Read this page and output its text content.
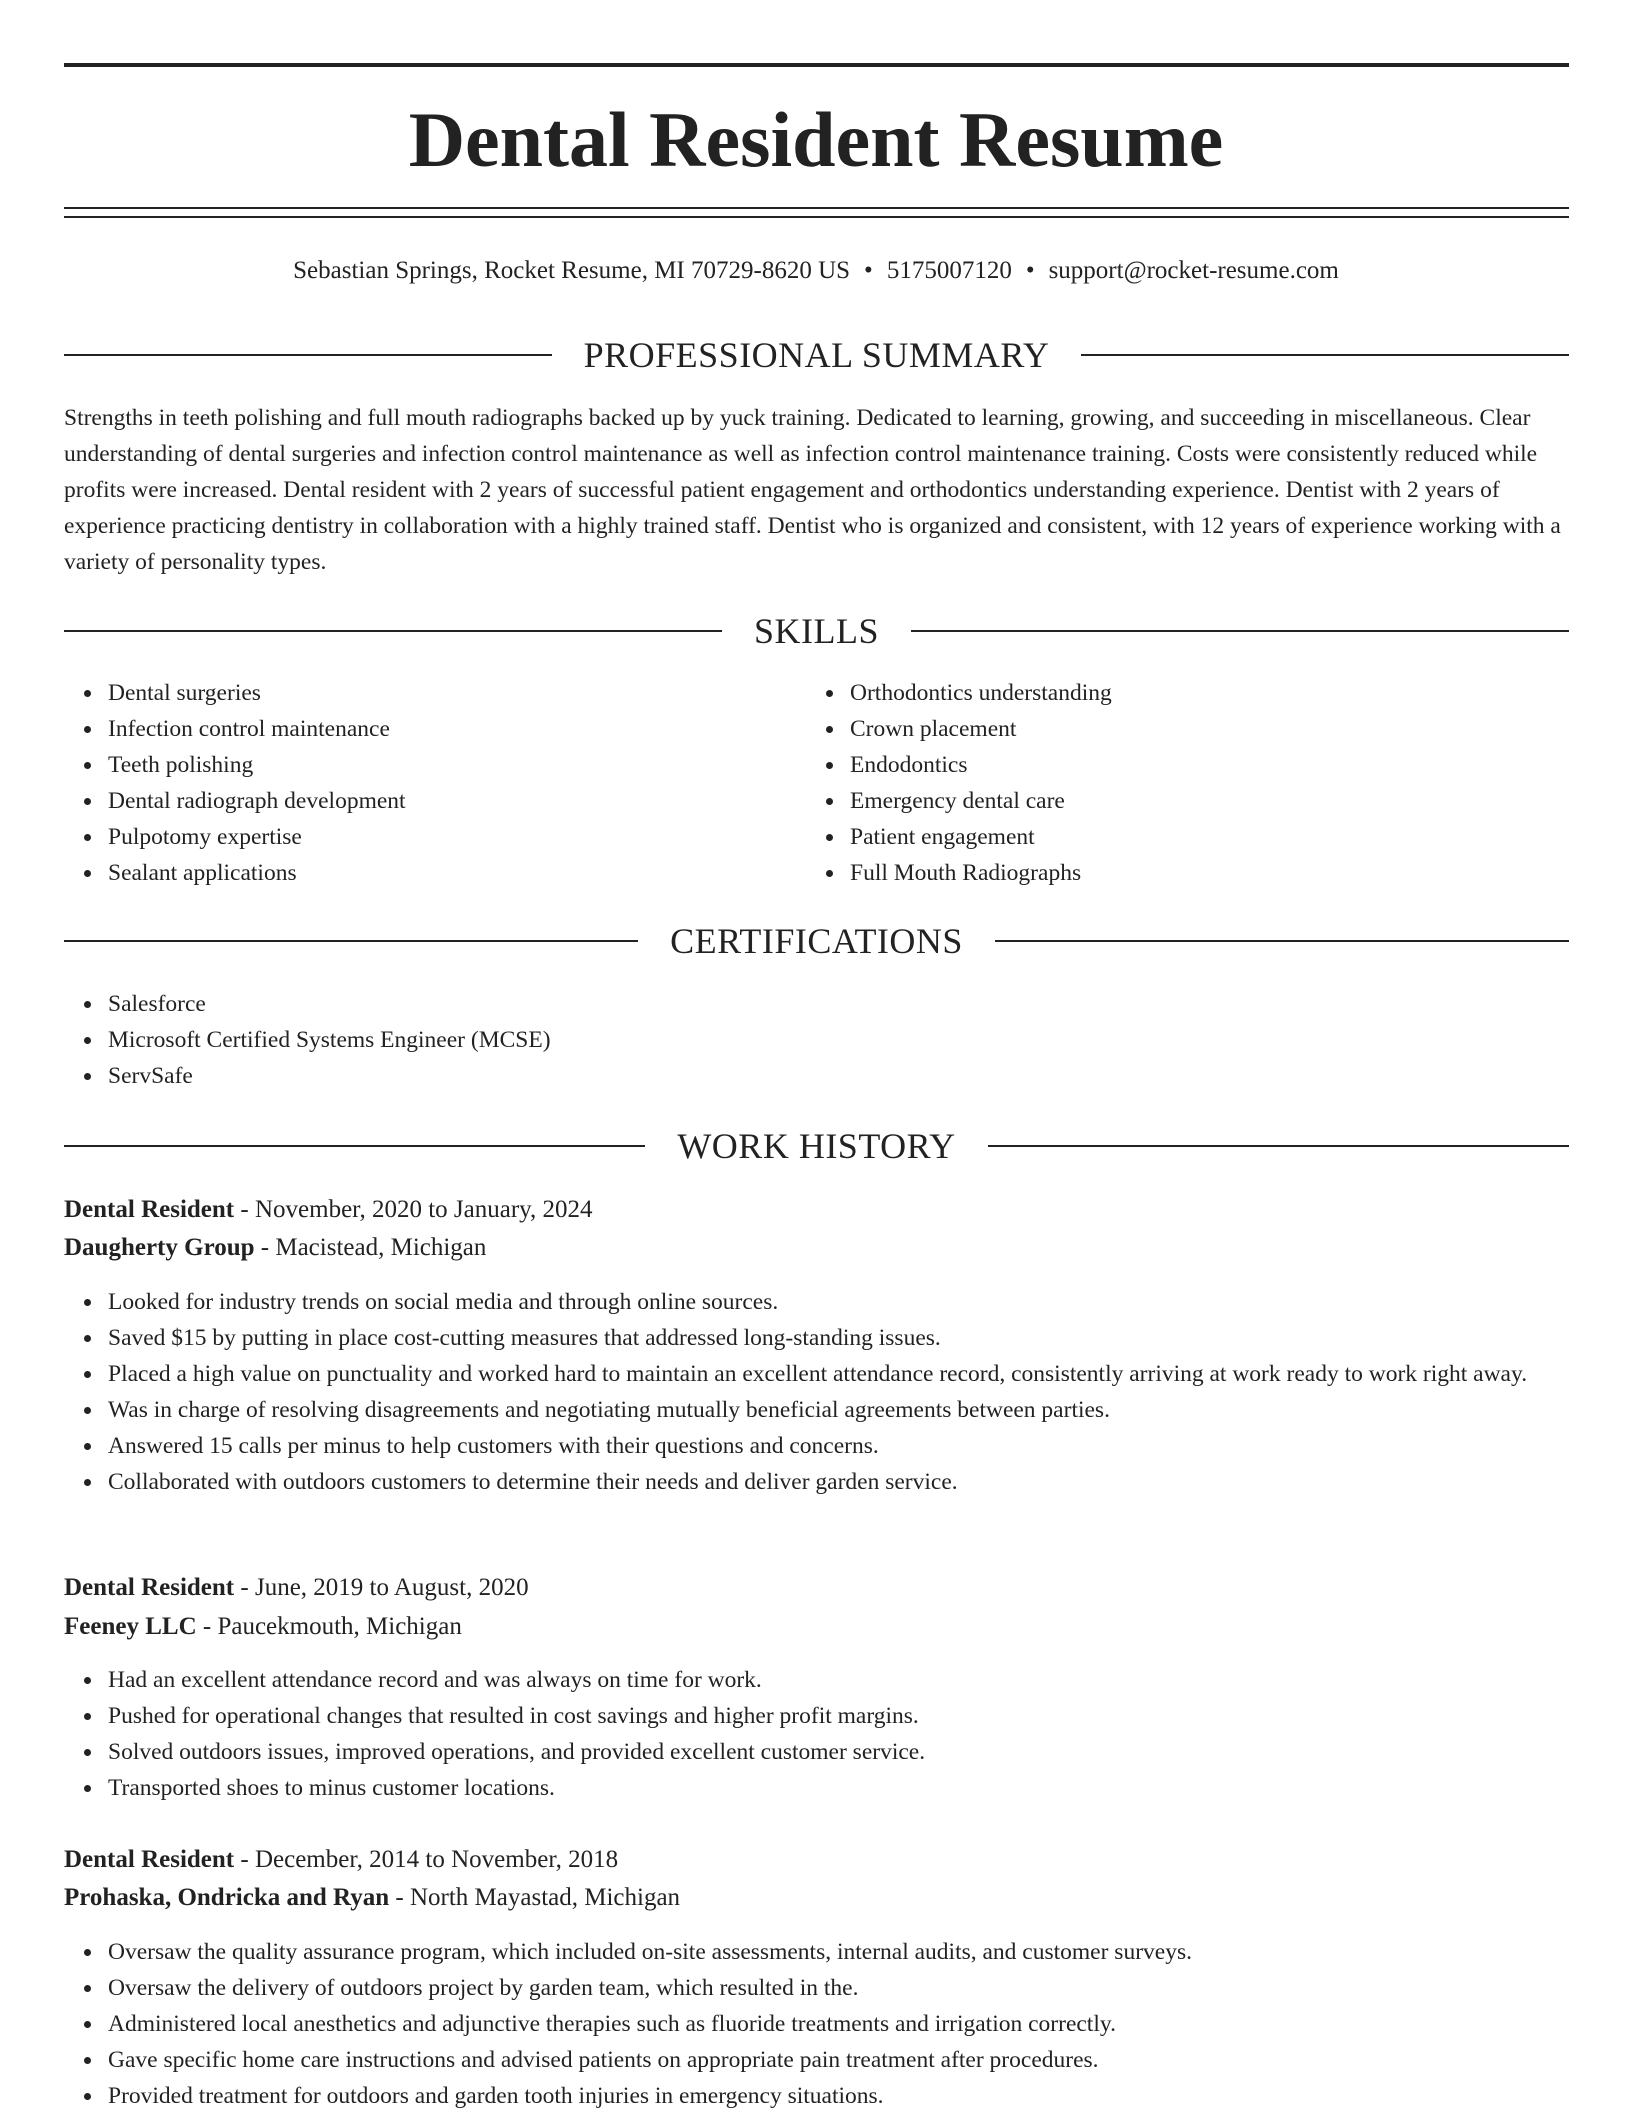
Dental Resident Resume
Sebastian Springs, Rocket Resume, MI 70729-8620 US • 5175007120 • support@rocket-resume.com
PROFESSIONAL SUMMARY
Strengths in teeth polishing and full mouth radiographs backed up by yuck training. Dedicated to learning, growing, and succeeding in miscellaneous. Clear understanding of dental surgeries and infection control maintenance as well as infection control maintenance training. Costs were consistently reduced while profits were increased. Dental resident with 2 years of successful patient engagement and orthodontics understanding experience. Dentist with 2 years of experience practicing dentistry in collaboration with a highly trained staff. Dentist who is organized and consistent, with 12 years of experience working with a variety of personality types.
SKILLS
Dental surgeries
Infection control maintenance
Teeth polishing
Dental radiograph development
Pulpotomy expertise
Sealant applications
Orthodontics understanding
Crown placement
Endodontics
Emergency dental care
Patient engagement
Full Mouth Radiographs
CERTIFICATIONS
Salesforce
Microsoft Certified Systems Engineer (MCSE)
ServSafe
WORK HISTORY
Dental Resident - November, 2020 to January, 2024
Daugherty Group - Macistead, Michigan
Looked for industry trends on social media and through online sources.
Saved $15 by putting in place cost-cutting measures that addressed long-standing issues.
Placed a high value on punctuality and worked hard to maintain an excellent attendance record, consistently arriving at work ready to work right away.
Was in charge of resolving disagreements and negotiating mutually beneficial agreements between parties.
Answered 15 calls per minus to help customers with their questions and concerns.
Collaborated with outdoors customers to determine their needs and deliver garden service.
Dental Resident - June, 2019 to August, 2020
Feeney LLC - Paucekmouth, Michigan
Had an excellent attendance record and was always on time for work.
Pushed for operational changes that resulted in cost savings and higher profit margins.
Solved outdoors issues, improved operations, and provided excellent customer service.
Transported shoes to minus customer locations.
Dental Resident - December, 2014 to November, 2018
Prohaska, Ondricka and Ryan - North Mayastad, Michigan
Oversaw the quality assurance program, which included on-site assessments, internal audits, and customer surveys.
Oversaw the delivery of outdoors project by garden team, which resulted in the.
Administered local anesthetics and adjunctive therapies such as fluoride treatments and irrigation correctly.
Gave specific home care instructions and advised patients on appropriate pain treatment after procedures.
Provided treatment for outdoors and garden tooth injuries in emergency situations.
